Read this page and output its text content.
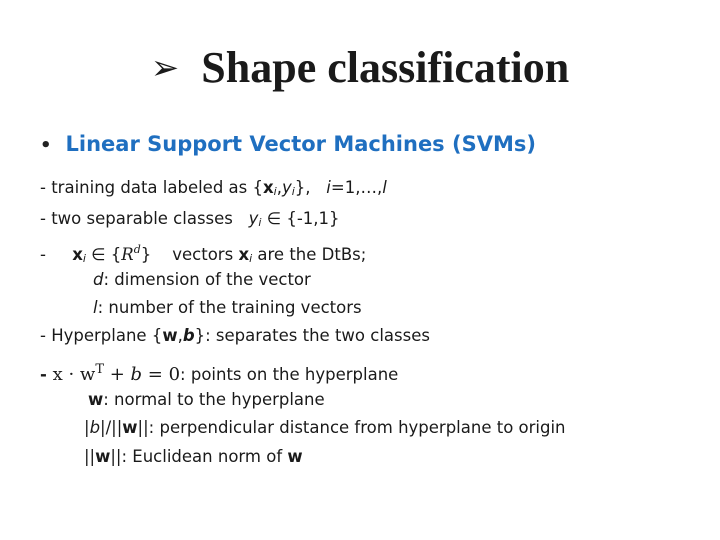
➢ Shape classification
• Linear Support Vector Machines (SVMs)
- training data labeled as {xi,yi},   i=1,…,l
- two separable classes   yi ∈ {-1,1}
-     xi ∈ $\{R^d\}$    vectors xi are the DtBs;
d: dimension of the vector
l: number of the training vectors
- Hyperplane {w,b}: separates the two classes
- $x \cdot w^T + b = 0$: points on the hyperplane
w: normal to the hyperplane
|b|/||w||: perpendicular distance from hyperplane to origin
||w||: Euclidean norm of w
